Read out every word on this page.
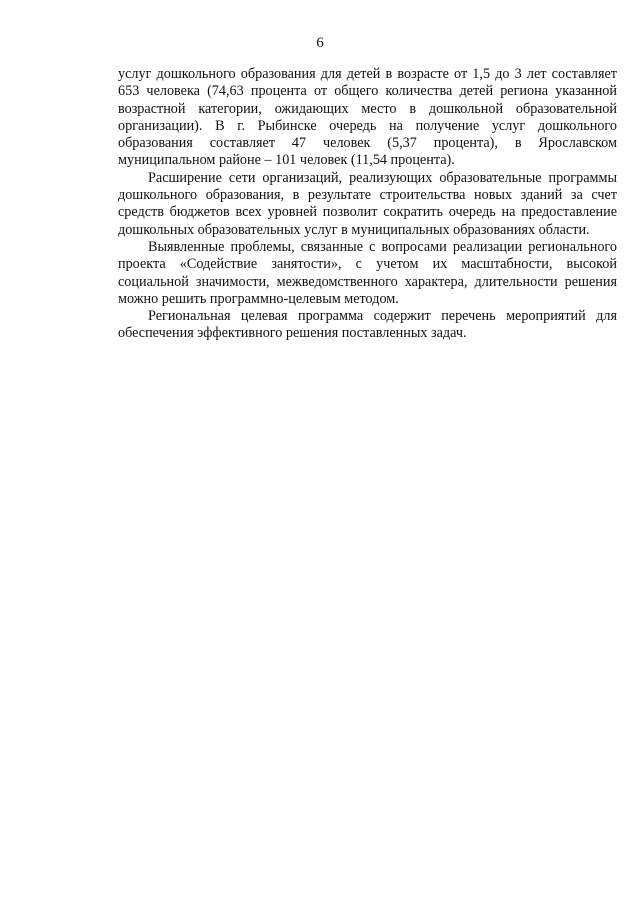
6

услуг дошкольного образования для детей в возрасте от 1,5 до 3 лет составляет 653 человека (74,63 процента от общего количества детей региона указанной возрастной категории, ожидающих место в дошкольной образовательной организации). В г. Рыбинске очередь на получение услуг дошкольного образования составляет 47 человек (5,37 процента), в Ярославском муниципальном районе – 101 человек (11,54 процента).

Расширение сети организаций, реализующих образовательные программы дошкольного образования, в результате строительства новых зданий за счет средств бюджетов всех уровней позволит сократить очередь на предоставление дошкольных образовательных услуг в муниципальных образованиях области.

Выявленные проблемы, связанные с вопросами реализации регионального проекта «Содействие занятости», с учетом их масштабности, высокой социальной значимости, межведомственного характера, длительности решения можно решить программно-целевым методом.

Региональная целевая программа содержит перечень мероприятий для обеспечения эффективного решения поставленных задач.
